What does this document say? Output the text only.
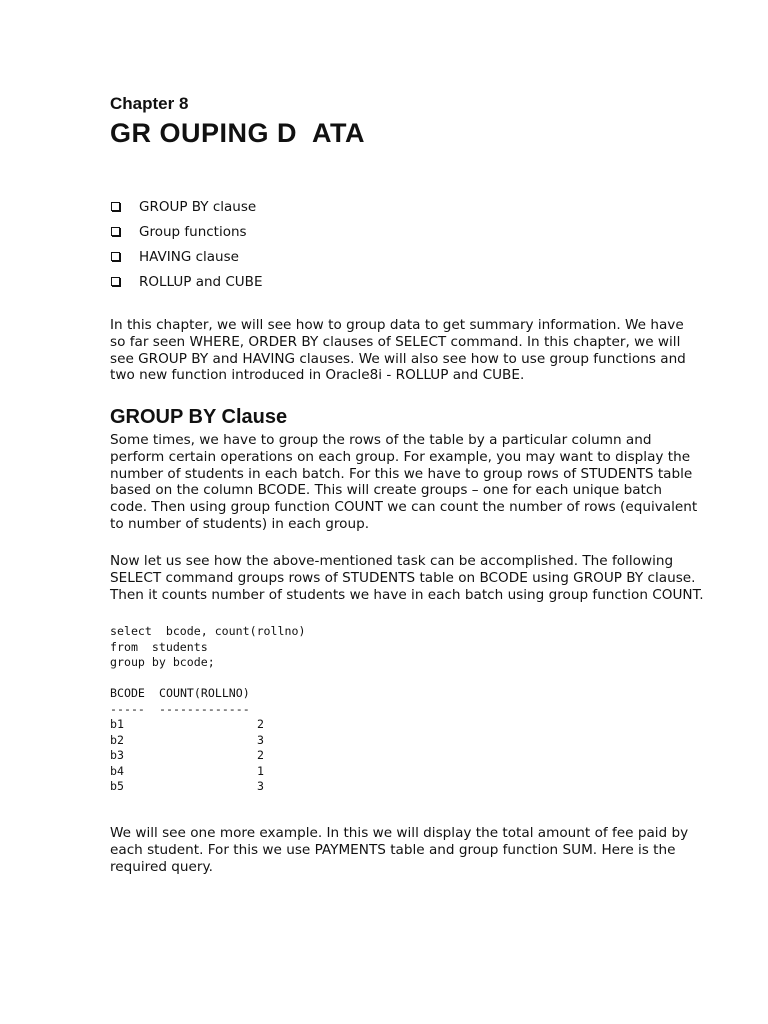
Chapter 8
GR OUPING D  ATA
GROUP BY clause
Group functions
HAVING clause
ROLLUP and CUBE

In this chapter, we will see how to group data to get summary information. We have
so far seen WHERE, ORDER BY clauses of SELECT command. In this chapter, we will
see GROUP BY and HAVING clauses. We will also see how to use group functions and
two new function introduced in Oracle8i - ROLLUP and CUBE.

GROUP BY Clause

Some times, we have to group the rows of the table by a particular column and
perform certain operations on each group. For example, you may want to display the
number of students in each batch. For this we have to group rows of STUDENTS table
based on the column BCODE. This will create groups – one for each unique batch
code. Then using group function COUNT we can count the number of rows (equivalent
to number of students) in each group.

Now let us see how the above-mentioned task can be accomplished. The following
SELECT command groups rows of STUDENTS table on BCODE using GROUP BY clause.
Then it counts number of students we have in each batch using group function COUNT.

select  bcode, count(rollno)
from  students
group by bcode;
BCODE	COUNT(ROLLNO)
-----	-------------
b1	2
b2	3
b3	2
b4	1
b5	3

We will see one more example. In this we will display the total amount of fee paid by
each student. For this we use PAYMENTS table and group function SUM. Here is the
required query.
